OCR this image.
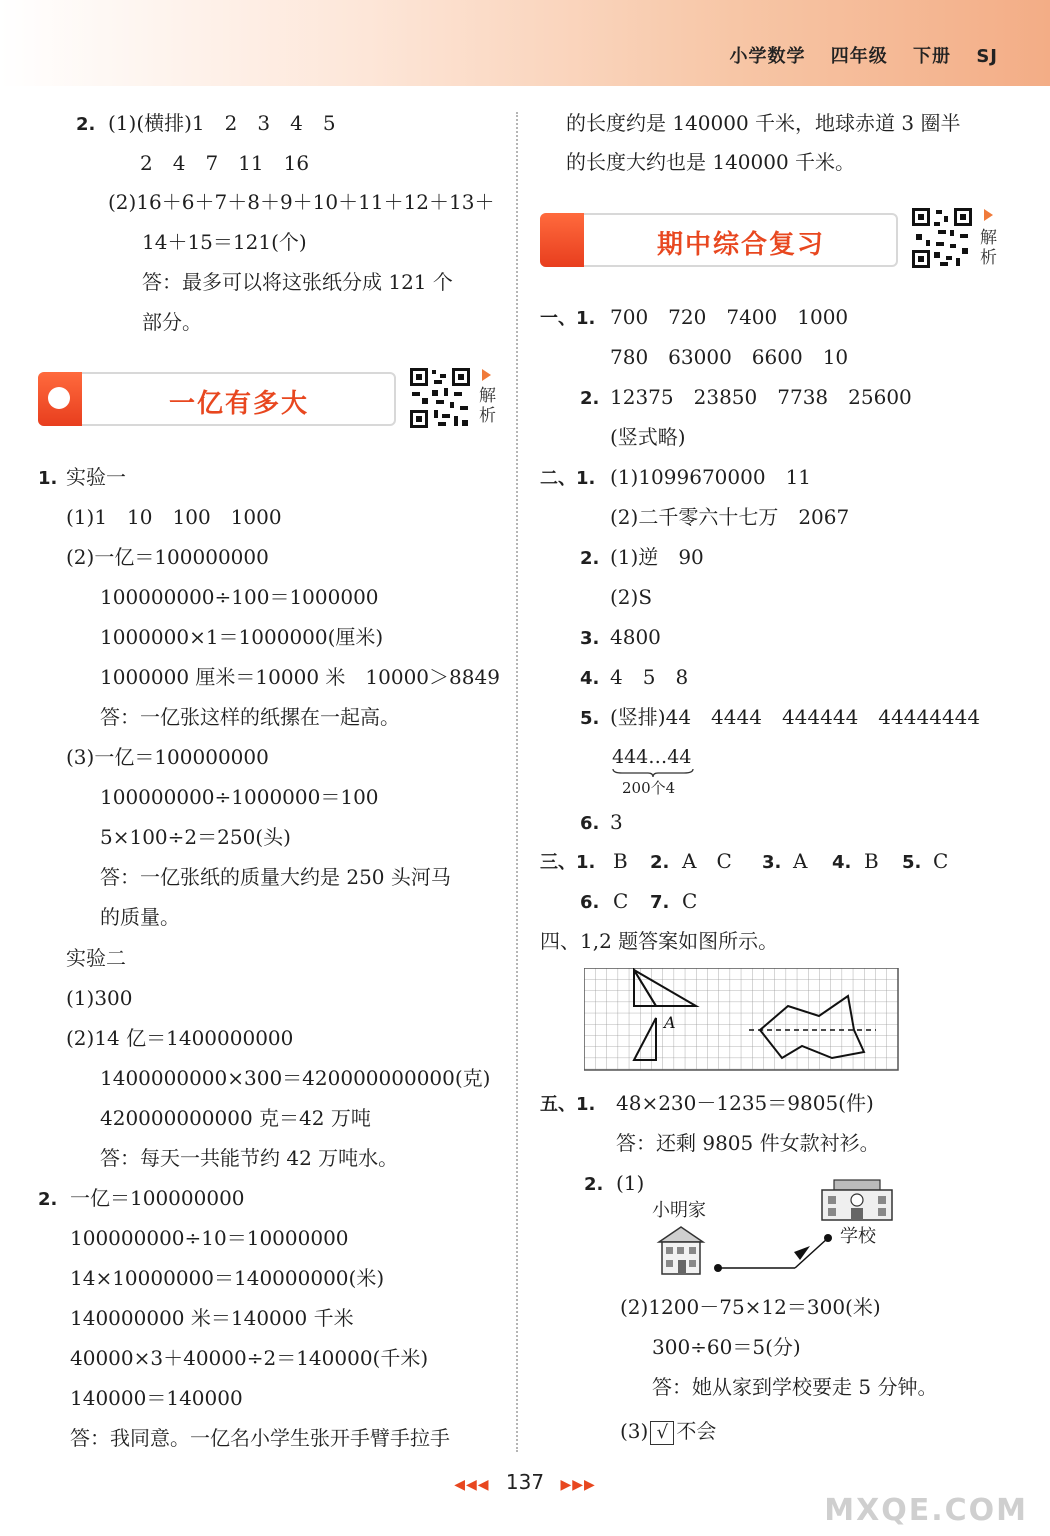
小学数学 四年级 下册 SJ
2. (1)(横排)1　2　3　4　5
2　4　7　11　16
(2)16＋6＋7＋8＋9＋10＋11＋12＋13＋
14＋15＝121(个)
答：最多可以将这张纸分成 121 个
部分。
一亿有多大	解
析
1. 实验一
(1)1　10　100　1000
(2)一亿＝100000000
100000000÷100＝1000000
1000000×1＝1000000(厘米)
1000000 厘米＝10000 米　10000＞8849
答：一亿张这样的纸摞在一起高。
(3)一亿＝100000000
100000000÷1000000＝100
5×100÷2＝250(头)
答：一亿张纸的质量大约是 250 头河马
的质量。
实验二
(1)300
(2)14 亿＝1400000000
1400000000×300＝420000000000(克)
420000000000 克＝42 万吨
答：每天一共能节约 42 万吨水。
2. 一亿＝100000000
100000000÷10＝10000000
14×10000000＝140000000(米)
140000000 米＝140000 千米
40000×3＋40000÷2＝140000(千米)
140000＝140000
答：我同意。一亿名小学生张开手臂手拉手
的长度约是 140000 千米，地球赤道 3 圈半
的长度大约也是 140000 千米。
期中综合复习	解
析
一、1. 700　720　7400　1000
780　63000　6600　10
2. 12375　23850　7738　25600
(竖式略)
二、1. (1)1099670000　11
(2)二千零六十七万　2067
2. (1)逆　90
(2)S
3. 4800
4. 4　5　8
5. (竖排)44　4444　444444　44444444
444…44
200个4
6. 3
三、1. B 2. A　C 3. A 4. B 5. C
6. C 7. C
四、1,2 题答案如图所示。
A
五、1. 48×230－1235＝9805(件)
答：还剩 9805 件女款衬衫。
2. (1)
小明家
学校
(2)1200－75×12＝300(米)
300÷60＝5(分)
答：她从家到学校要走 5 分钟。
(3) √ 不会
◀◀◀ 137 ▶▶▶
MXQE.COM
